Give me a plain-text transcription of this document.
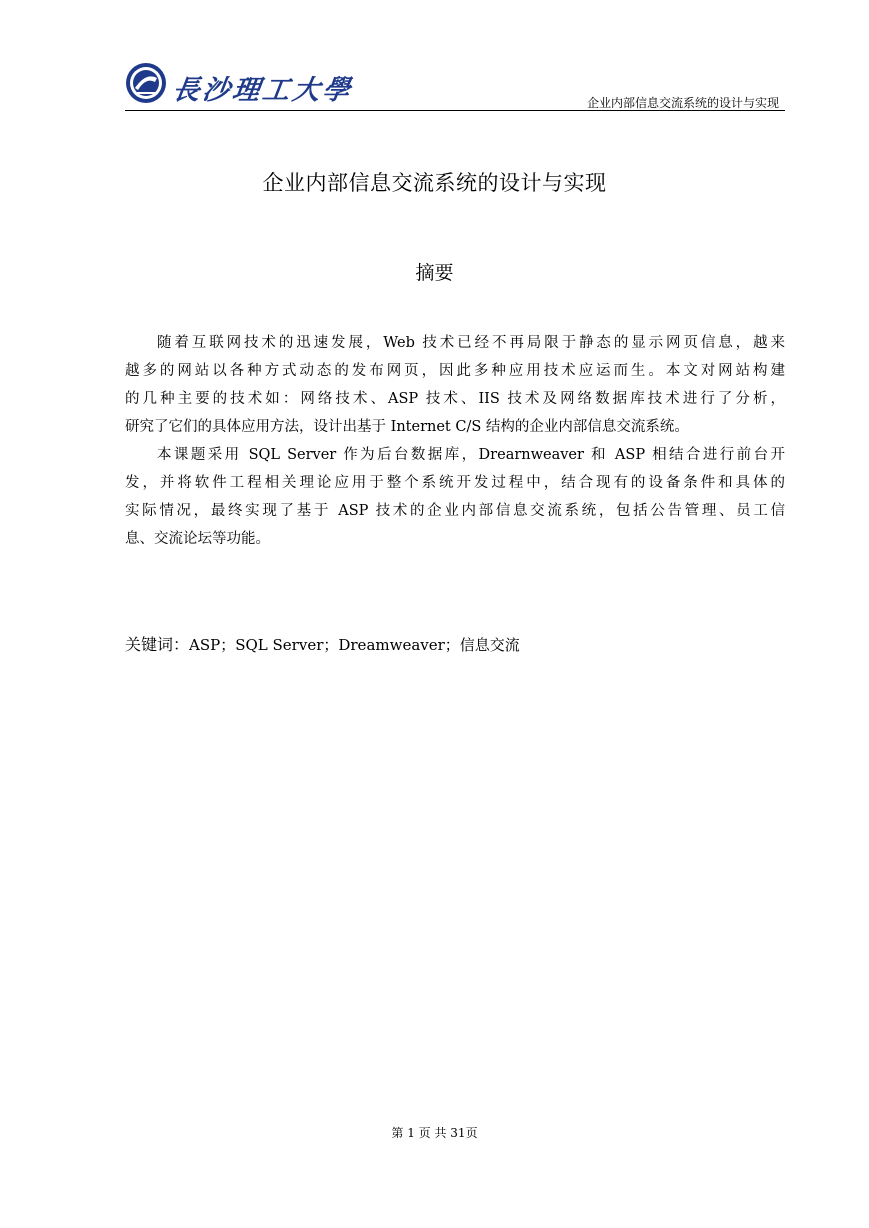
長沙理工大學	企业内部信息交流系统的设计与实现
企业内部信息交流系统的设计与实现
摘要
随着互联网技术的迅速发展，Web 技术已经不再局限于静态的显示网页信息，越来
越多的网站以各种方式动态的发布网页，因此多种应用技术应运而生。本文对网站构建
的几种主要的技术如：网络技术、ASP 技术、IIS 技术及网络数据库技术进行了分析，
研究了它们的具体应用方法，设计出基于 Internet C/S 结构的企业内部信息交流系统。
本课题采用 SQL Server 作为后台数据库，Drearnweaver 和 ASP 相结合进行前台开
发，并将软件工程相关理论应用于整个系统开发过程中，结合现有的设备条件和具体的
实际情况，最终实现了基于 ASP 技术的企业内部信息交流系统，包括公告管理、员工信
息、交流论坛等功能。
关键词：ASP；SQL Server；Dreamweaver；信息交流
第 1 页 共 31页
